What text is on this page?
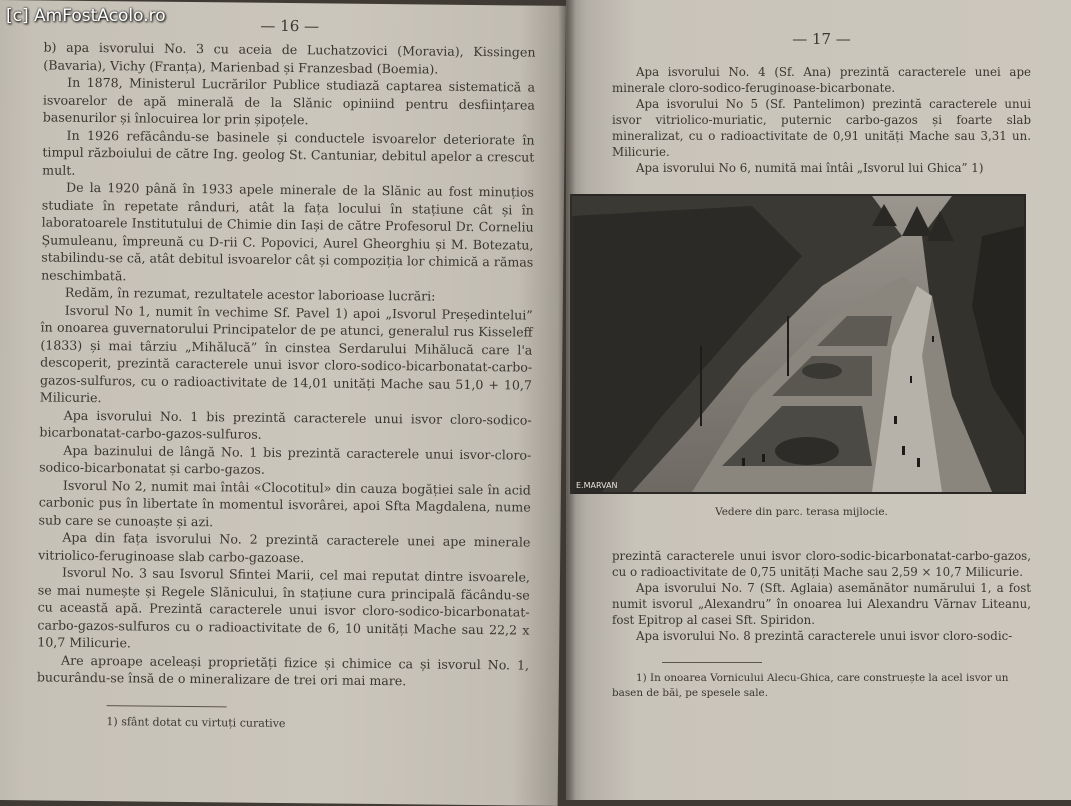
[c] AmFostAcolo.ro
— 16 —

b) apa isvorului No. 3 cu aceia de Luchatzovici (Moravia), Kissingen (Bavaria), Vichy (Franța), Marienbad și Franzesbad (Boemia).

In 1878, Ministerul Lucrărilor Publice studiază captarea sistematică a isvoarelor de apă minerală de la Slănic opiniind pentru desființarea basenurilor și înlocuirea lor prin șipoțele.

In 1926 refăcându-se basinele și conductele isvoarelor deteriorate în timpul războiului de către Ing. geolog St. Cantuniar, debitul apelor a crescut mult.

De la 1920 până în 1933 apele minerale de la Slănic au fost minuțios studiate în repetate rânduri, atât la fața locului în stațiune cât și în laboratoarele Institutului de Chimie din Iași de către Profesorul Dr. Corneliu Șumuleanu, împreună cu D-rii C. Popovici, Aurel Gheorghiu și M. Botezatu, stabilindu-se că, atât debitul isvoarelor cât și compoziția lor chimică a rămas neschimbată.

Redăm, în rezumat, rezultatele acestor laborioase lucrări:

Isvorul No 1, numit în vechime Sf. Pavel 1) apoi „Isvorul Președintelui” în onoarea guvernatorului Principatelor de pe atunci, generalul rus Kisseleff (1833) și mai târziu „Mihălucă” în cinstea Serdarului Mihălucă care l'a descoperit, prezintă caracterele unui isvor cloro-sodico-bicarbonatat-carbo-gazos-sulfuros, cu o radioactivitate de 14,01 unități Mache sau 51,0 + 10,7 Milicurie.

Apa isvorului No. 1 bis prezintă caracterele unui isvor cloro-sodico-bicarbonatat-carbo-gazos-sulfuros.

Apa bazinului de lângă No. 1 bis prezintă caracterele unui isvor-cloro-sodico-bicarbonatat și carbo-gazos.

Isvorul No 2, numit mai întâi «Clocotitul» din cauza bogăției sale în acid carbonic pus în libertate în momentul isvorârei, apoi Sfta Magdalena, nume sub care se cunoaște și azi.

Apa din fața isvorului No. 2 prezintă caracterele unei ape minerale vitriolico-feruginoase slab carbo-gazoase.

Isvorul No. 3 sau Isvorul Sfintei Marii, cel mai reputat dintre isvoarele, se mai numește și Regele Slănicului, în stațiune cura principală făcându-se cu această apă. Prezintă caracterele unui isvor cloro-sodico-bicarbonatat-carbo-gazos-sulfuros cu o radioactivitate de 6, 10 unități Mache sau 22,2 x 10,7 Milicurie.

Are aproape aceleași proprietăți fizice și chimice ca și isvorul No. 1, bucurându-se însă de o mineralizare de trei ori mai mare.

1) sfânt dotat cu virtuți curative
— 17 —

Apa isvorului No. 4 (Sf. Ana) prezintă caracterele unei ape minerale cloro-sodico-feruginoase-bicarbonate.

Apa isvorului No 5 (Sf. Pantelimon) prezintă caracterele unui isvor vitriolico-muriatic, puternic carbo-gazos și foarte slab mineralizat, cu o radioactivitate de 0,91 unități Mache sau 3,31 un. Milicurie.

Apa isvorului No 6, numită mai întâi „Isvorul lui Ghica” 1)

E.MARVAN
Vedere din parc. terasa mijlocie.

prezintă caracterele unui isvor cloro-sodic-bicarbonatat-carbo-gazos, cu o radioactivitate de 0,75 unități Mache sau 2,59 × 10,7 Milicurie.

Apa isvorului No. 7 (Sft. Aglaia) asemănător numărului 1, a fost numit isvorul „Alexandru” în onoarea lui Alexandru Vărnav Liteanu, fost Epitrop al casei Sft. Spiridon.

Apa isvorului No. 8 prezintă caracterele unui isvor cloro-sodic-

1) In onoarea Vornicului Alecu-Ghica, care construește la acel isvor un basen de băi, pe spesele sale.
